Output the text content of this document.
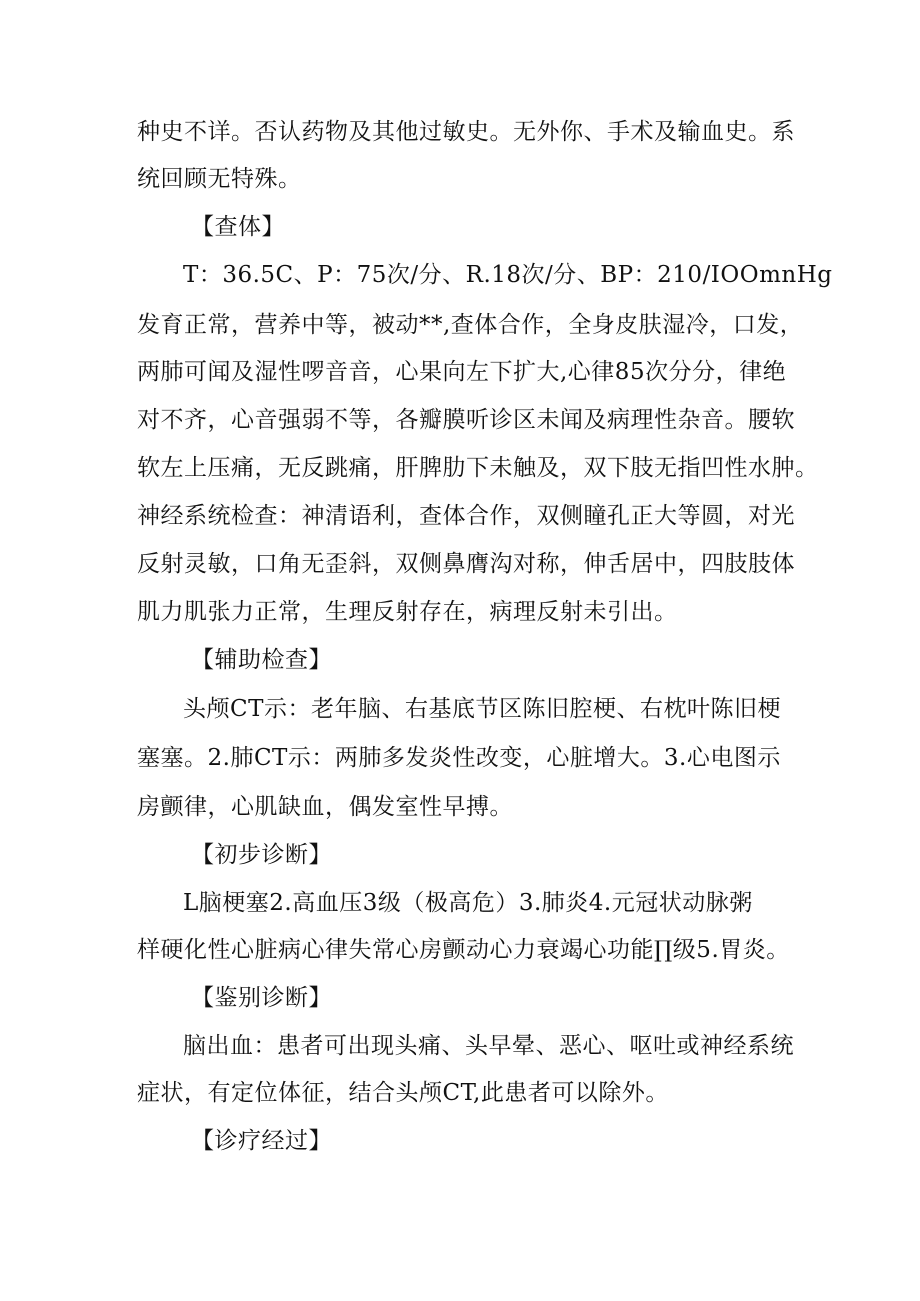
种史不详。否认药物及其他过敏史。无外你、手术及输血史。系
统回顾无特殊。
【查体】
T：36.5C、P：75次/分、R.18次/分、BP：210/IOOmnHg
发育正常，营养中等，被动**,查体合作，全身皮肤湿冷，口发，
两肺可闻及湿性啰音音，心果向左下扩大,心律85次分分，律绝
对不齐，心音强弱不等，各瓣膜听诊区未闻及病理性杂音。腰软
软左上压痛，无反跳痛，肝脾肋下未触及，双下肢无指凹性水肿。
神经系统检查：神清语利，查体合作，双侧瞳孔正大等圆，对光
反射灵敏，口角无歪斜，双侧鼻膺沟对称，伸舌居中，四肢肢体
肌力肌张力正常，生理反射存在，病理反射未引出。
【辅助检查】
头颅CT示：老年脑、右基底节区陈旧腔梗、右枕叶陈旧梗
塞塞。2.肺CT示：两肺多发炎性改变，心脏增大。3.心电图示
房颤律，心肌缺血，偶发室性早搏。
【初步诊断】
L脑梗塞2.高血压3级（极高危）3.肺炎4.元冠状动脉粥
样硬化性心脏病心律失常心房颤动心力衰竭心功能∏级5.胃炎。
【鉴别诊断】
脑出血：患者可出现头痛、头早晕、恶心、呕吐或神经系统
症状，有定位体征，结合头颅CT,此患者可以除外。
【诊疗经过】
